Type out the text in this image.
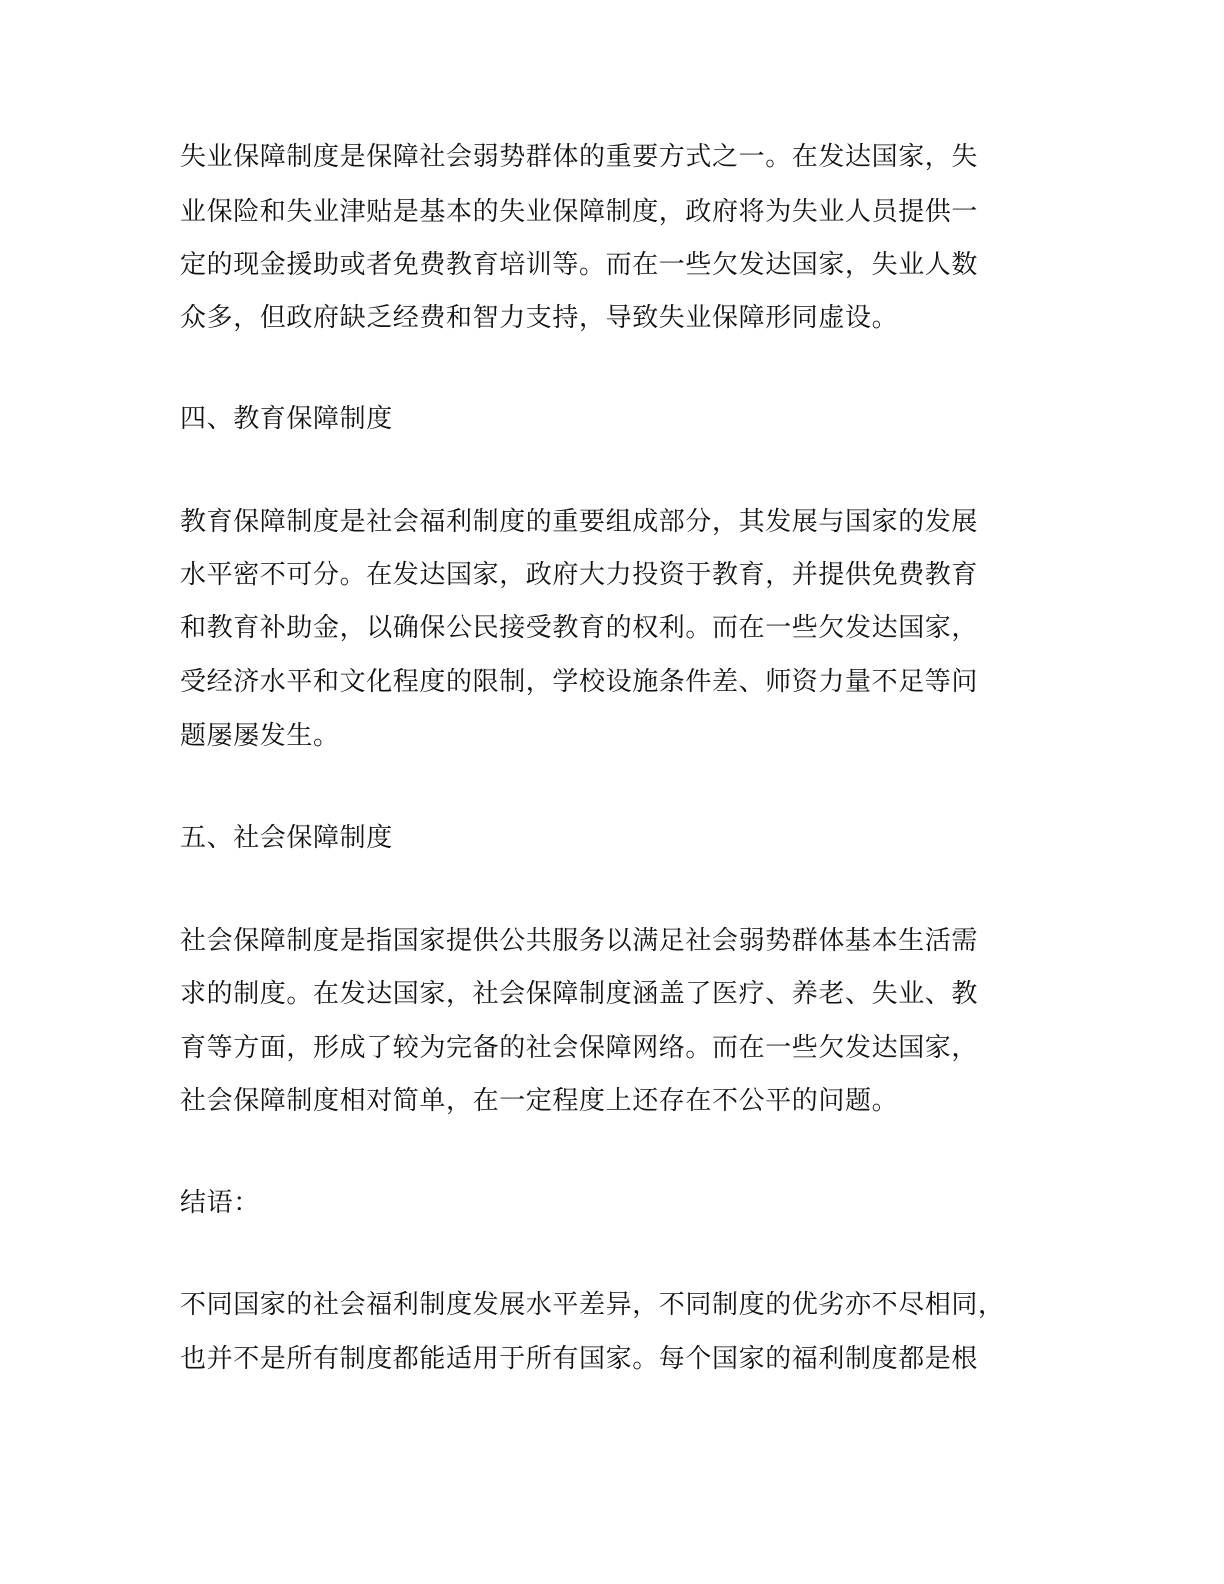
失业保障制度是保障社会弱势群体的重要方式之一。在发达国家，失
业保险和失业津贴是基本的失业保障制度，政府将为失业人员提供一
定的现金援助或者免费教育培训等。而在一些欠发达国家，失业人数
众多，但政府缺乏经费和智力支持，导致失业保障形同虚设。
四、教育保障制度
教育保障制度是社会福利制度的重要组成部分，其发展与国家的发展
水平密不可分。在发达国家，政府大力投资于教育，并提供免费教育
和教育补助金，以确保公民接受教育的权利。而在一些欠发达国家，
受经济水平和文化程度的限制，学校设施条件差、师资力量不足等问
题屡屡发生。
五、社会保障制度
社会保障制度是指国家提供公共服务以满足社会弱势群体基本生活需
求的制度。在发达国家，社会保障制度涵盖了医疗、养老、失业、教
育等方面，形成了较为完备的社会保障网络。而在一些欠发达国家，
社会保障制度相对简单，在一定程度上还存在不公平的问题。
结语：
不同国家的社会福利制度发展水平差异，不同制度的优劣亦不尽相同，
也并不是所有制度都能适用于所有国家。每个国家的福利制度都是根
